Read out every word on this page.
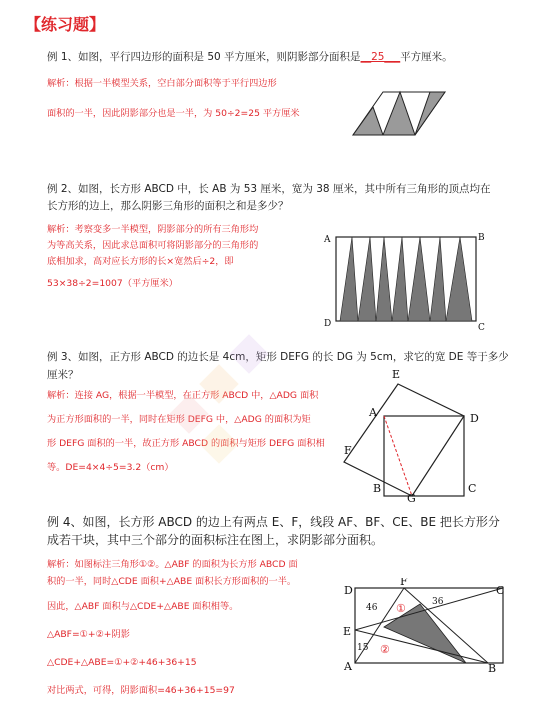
【练习题】
例 1、如图，平行四边形的面积是 50 平方厘米，则阴影部分面积是__25___平方厘米。
解析：根据一半模型关系，空白部分面积等于平行四边形
面积的一半，因此阴影部分也是一半，为 50÷2=25 平方厘米
例 2、如图，长方形 ABCD 中，长 AB 为 53 厘米，宽为 38 厘米，其中所有三角形的顶点均在
长方形的边上，那么阴影三角形的面积之和是多少？
解析：考察变多一半模型，阴影部分的所有三角形均
为等高关系，因此求总面积可将阴影部分的三角形的
底相加求，高对应长方形的长×宽然后÷2，即
53×38÷2=1007（平方厘米）
A	B
C
D
例 3、如图，正方形 ABCD 的边长是 4cm，矩形 DEFG 的长 DG 为 5cm，求它的宽 DE 等于多少
厘米？
解析：连接 AG，根据一半模型，在正方形 ABCD 中，△ADG 面积
为正方形面积的一半，同时在矩形 DEFG 中，△ADG 的面积为矩
形 DEFG 面积的一半，故正方形 ABCD 的面积与矩形 DEFG 面积相
等。DE=4×4÷5=3.2（cm）
E
A	D
F
B
G
C
例 4、如图，长方形 ABCD 的边上有两点 E、F，线段 AF、BF、CE、BE 把长方形分
成若干块，其中三个部分的面积标注在图上，求阴影部分面积。
解析：如图标注三角形①②。△ABF 的面积为长方形 ABCD 面
积的一半，同时△CDE 面积+△ABE 面积长方形面积的一半。
因此，△ABF 面积与△CDE+△ABE 面积相等。
△ABF=①+②+阴影
△CDE+△ABE=①+②+46+36+15
对比两式，可得，阴影面积=46+36+15=97
D
F
C
E
A	B
46
36
15
①
②
